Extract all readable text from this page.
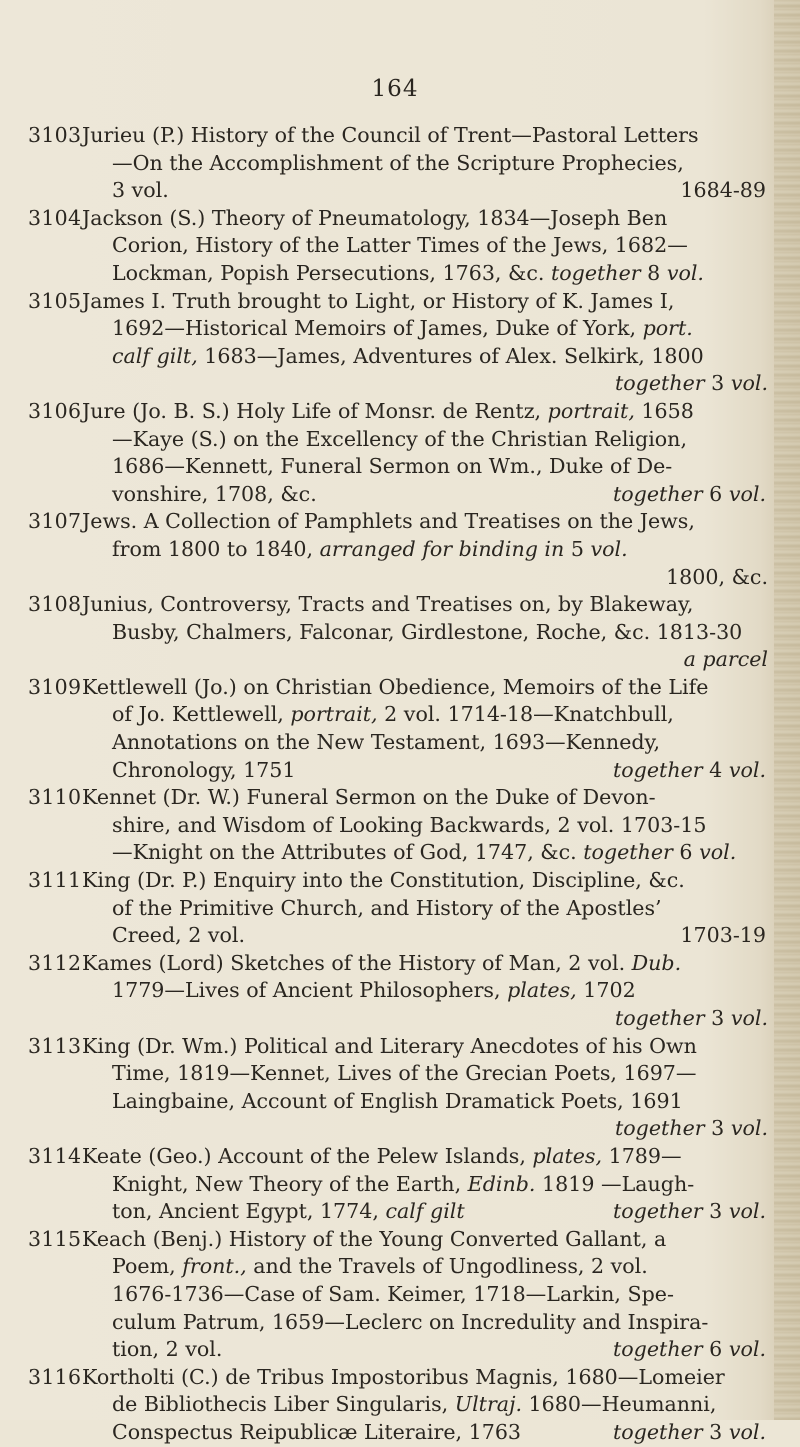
164
3103 Jurieu (P.) History of the Council of Trent—Pastoral Letters
—On the Accomplishment of the Scripture Prophecies,
3 vol.	1684-89
3104 Jackson (S.) Theory of Pneumatology, 1834—Joseph Ben
Corion, History of the Latter Times of the Jews, 1682—
Lockman, Popish Persecutions, 1763, &c. together 8 vol.
3105 James I. Truth brought to Light, or History of K. James I,
1692—Historical Memoirs of James, Duke of York, port.
calf gilt, 1683—James, Adventures of Alex. Selkirk, 1800
together 3 vol.
3106 Jure (Jo. B. S.) Holy Life of Monsr. de Rentz, portrait, 1658
—Kaye (S.) on the Excellency of the Christian Religion,
1686—Kennett, Funeral Sermon on Wm., Duke of De-
vonshire, 1708, &c.	together 6 vol.
3107 Jews. A Collection of Pamphlets and Treatises on the Jews,
from 1800 to 1840, arranged for binding in 5 vol.
1800, &c.
3108 Junius, Controversy, Tracts and Treatises on, by Blakeway,
Busby, Chalmers, Falconar, Girdlestone, Roche, &c. 1813-30
a parcel
3109 Kettlewell (Jo.) on Christian Obedience, Memoirs of the Life
of Jo. Kettlewell, portrait, 2 vol. 1714-18—Knatchbull,
Annotations on the New Testament, 1693—Kennedy,
Chronology, 1751	together 4 vol.
3110 Kennet (Dr. W.) Funeral Sermon on the Duke of Devon-
shire, and Wisdom of Looking Backwards, 2 vol. 1703-15
—Knight on the Attributes of God, 1747, &c. together 6 vol.
3111 King (Dr. P.) Enquiry into the Constitution, Discipline, &c.
of the Primitive Church, and History of the Apostles’
Creed, 2 vol.	1703-19
3112 Kames (Lord) Sketches of the History of Man, 2 vol. Dub.
1779—Lives of Ancient Philosophers, plates, 1702
together 3 vol.
3113 King (Dr. Wm.) Political and Literary Anecdotes of his Own
Time, 1819—Kennet, Lives of the Grecian Poets, 1697—
Laingbaine, Account of English Dramatick Poets, 1691
together 3 vol.
3114 Keate (Geo.) Account of the Pelew Islands, plates, 1789—
Knight, New Theory of the Earth, Edinb. 1819 —Laugh-
ton, Ancient Egypt, 1774, calf gilt	together 3 vol.
3115 Keach (Benj.) History of the Young Converted Gallant, a
Poem, front., and the Travels of Ungodliness, 2 vol.
1676-1736—Case of Sam. Keimer, 1718—Larkin, Spe-
culum Patrum, 1659—Leclerc on Incredulity and Inspira-
tion, 2 vol.	together 6 vol.
3116 Kortholti (C.) de Tribus Impostoribus Magnis, 1680—Lomeier
de Bibliothecis Liber Singularis, Ultraj. 1680—Heumanni,
Conspectus Reipublicæ Literaire, 1763	together 3 vol.
